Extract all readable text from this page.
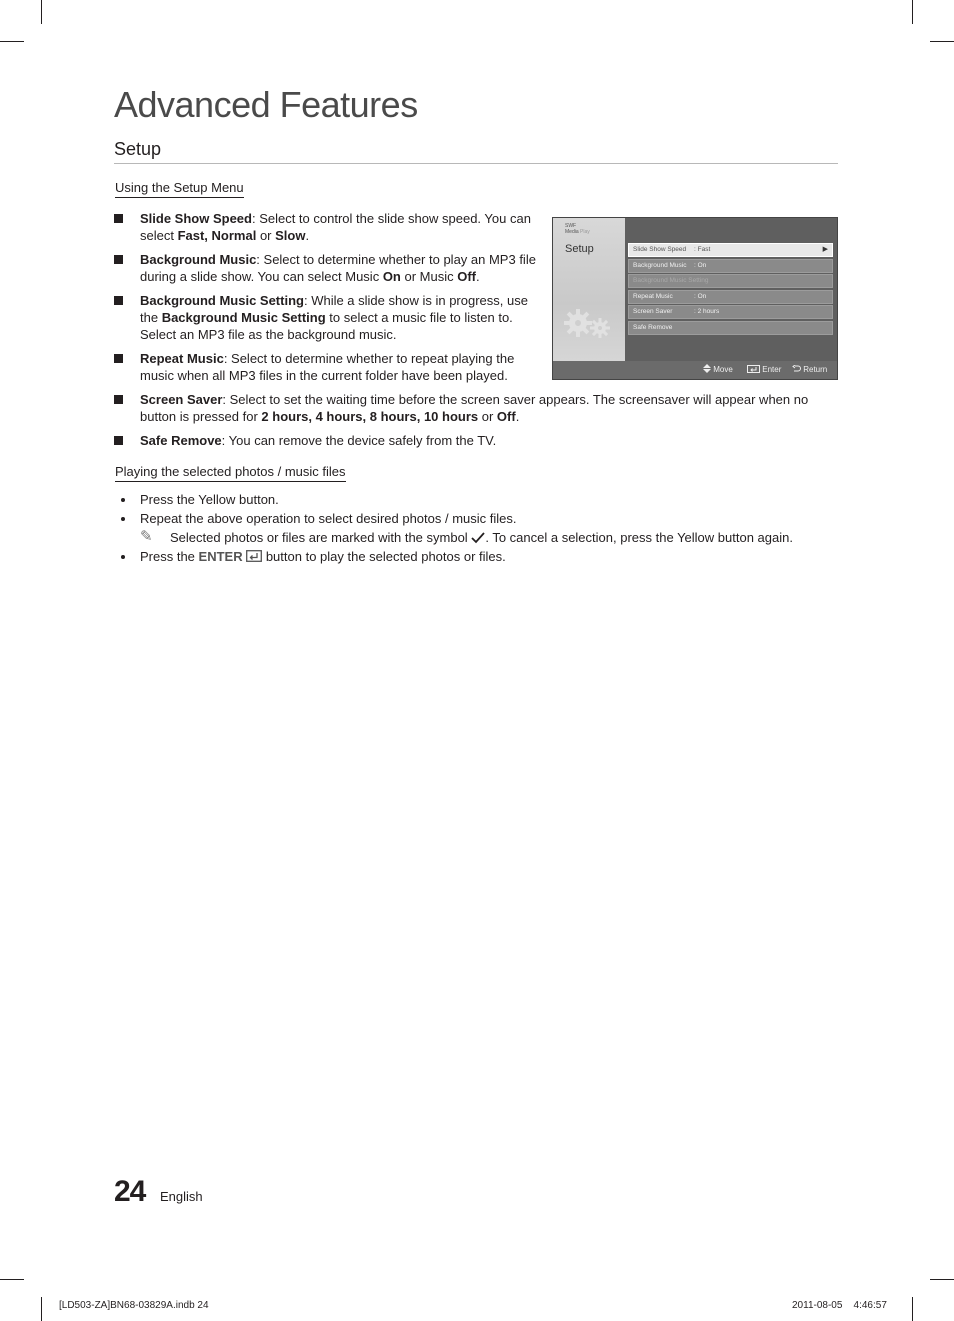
Advanced Features
Setup
Using the Setup Menu
Slide Show Speed: Select to control the slide show speed. You can select Fast, Normal or Slow.
Background Music: Select to determine whether to play an MP3 file during a slide show. You can select Music On or Music Off.
Background Music Setting: While a slide show is in progress, use the Background Music Setting to select a music file to listen to. Select an MP3 file as the background music.
Repeat Music: Select to determine whether to repeat playing the music when all MP3 files in the current folder have been played.
Screen Saver: Select to set the waiting time before the screen saver appears. The screensaver will appear when no button is pressed for 2 hours, 4 hours, 8 hours, 10 hours or Off.
Safe Remove: You can remove the device safely from the TV.
SWF
Media Play
Setup	Slide Show Speed : Fast	▶
Background Music : On
Background Music Setting
Repeat Music	: On
Screen Saver	: 2 hours
Safe Remove
Move	Enter	Return
Playing the selected photos / music files
Press the Yellow button.
Repeat the above operation to select desired photos / music files.
✎ Selected photos or files are marked with the symbol . To cancel a selection, press the Yellow button again.
Press the ENTER  button to play the selected photos or files.
24 English
[LD503-ZA]BN68-03829A.indb 24	2011-08-05    4:46:57
